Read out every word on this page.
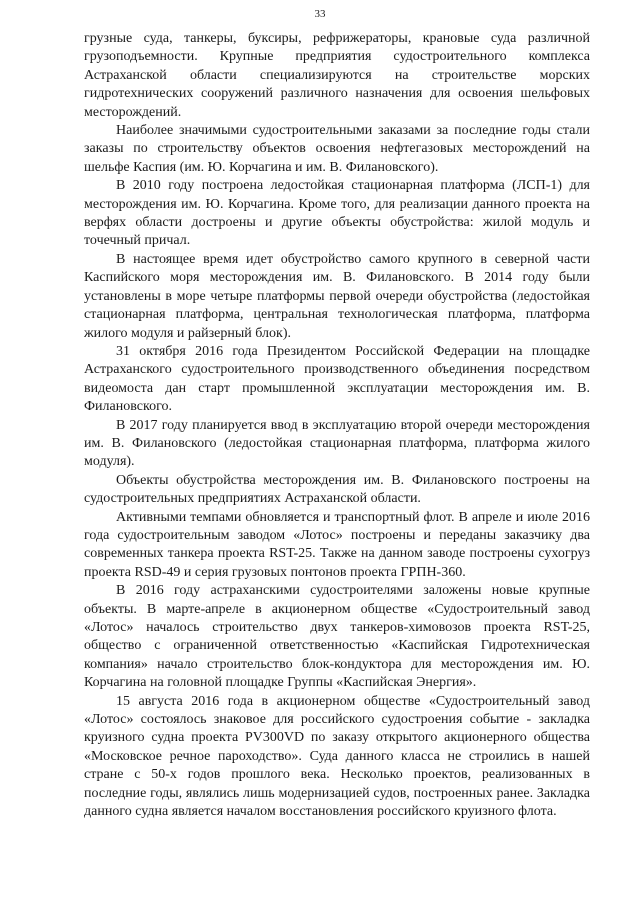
33

грузные суда, танкеры, буксиры, рефрижераторы, крановые суда различной грузоподъемности. Крупные предприятия судостроительного комплекса Астраханской области специализируются на строительстве морских гидротехнических сооружений различного назначения для освоения шельфовых месторождений.

Наиболее значимыми судостроительными заказами за последние годы стали заказы по строительству объектов освоения нефтегазовых месторождений на шельфе Каспия (им. Ю. Корчагина и им. В. Филановского).

В 2010 году построена ледостойкая стационарная платформа (ЛСП-1) для месторождения им. Ю. Корчагина. Кроме того, для реализации данного проекта на верфях области достроены и другие объекты обустройства: жилой модуль и точечный причал.

В настоящее время идет обустройство самого крупного в северной части Каспийского моря месторождения им. В. Филановского. В 2014 году были установлены в море четыре платформы первой очереди обустройства (ледостойкая стационарная платформа, центральная технологическая платформа, платформа жилого модуля и райзерный блок).

31 октября 2016 года Президентом Российской Федерации на площадке Астраханского судостроительного производственного объединения посредством видеомоста дан старт промышленной эксплуатации месторождения им. В. Филановского.

В 2017 году планируется ввод в эксплуатацию второй очереди месторождения им. В. Филановского (ледостойкая стационарная платформа, платформа жилого модуля).

Объекты обустройства месторождения им. В. Филановского построены на судостроительных предприятиях Астраханской области.

Активными темпами обновляется и транспортный флот. В апреле и июле 2016 года судостроительным заводом «Лотос» построены и переданы заказчику два современных танкера проекта RST-25. Также на данном заводе построены сухогруз проекта RSD-49 и серия грузовых понтонов проекта ГРПН-360.

В 2016 году астраханскими судостроителями заложены новые крупные объекты. В марте-апреле в акционерном обществе «Судостроительный завод «Лотос» началось строительство двух танкеров-химовозов проекта RST-25, общество с ограниченной ответственностью «Каспийская Гидротехническая компания» начало строительство блок-кондуктора для месторождения им. Ю. Корчагина на головной площадке Группы «Каспийская Энергия».

15 августа 2016 года в акционерном обществе «Судостроительный завод «Лотос» состоялось знаковое для российского судостроения событие - закладка круизного судна проекта PV300VD по заказу открытого акционерного общества «Московское речное пароходство». Суда данного класса не строились в нашей стране с 50-х годов прошлого века. Несколько проектов, реализованных в последние годы, являлись лишь модернизацией судов, построенных ранее. Закладка данного судна является началом восстановления российского круизного флота.
